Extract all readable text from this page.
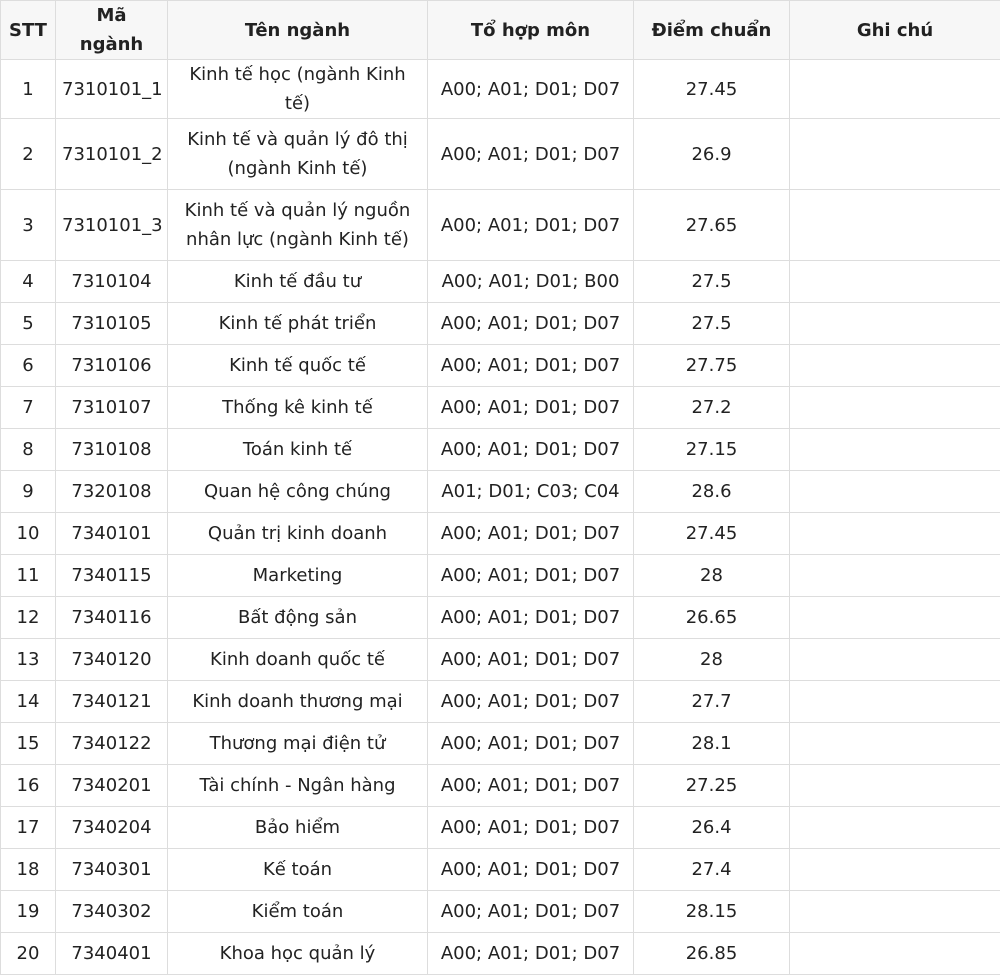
STT	Mã ngành	Tên ngành	Tổ hợp môn	Điểm chuẩn	Ghi chú
1	7310101_1	Kinh tế học (ngành Kinh tế)	A00; A01; D01; D07	27.45	
2	7310101_2	Kinh tế và quản lý đô thị (ngành Kinh tế)	A00; A01; D01; D07	26.9	
3	7310101_3	Kinh tế và quản lý nguồn nhân lực (ngành Kinh tế)	A00; A01; D01; D07	27.65	
4	7310104	Kinh tế đầu tư	A00; A01; D01; B00	27.5	
5	7310105	Kinh tế phát triển	A00; A01; D01; D07	27.5	
6	7310106	Kinh tế quốc tế	A00; A01; D01; D07	27.75	
7	7310107	Thống kê kinh tế	A00; A01; D01; D07	27.2	
8	7310108	Toán kinh tế	A00; A01; D01; D07	27.15	
9	7320108	Quan hệ công chúng	A01; D01; C03; C04	28.6	
10	7340101	Quản trị kinh doanh	A00; A01; D01; D07	27.45	
11	7340115	Marketing	A00; A01; D01; D07	28	
12	7340116	Bất động sản	A00; A01; D01; D07	26.65	
13	7340120	Kinh doanh quốc tế	A00; A01; D01; D07	28	
14	7340121	Kinh doanh thương mại	A00; A01; D01; D07	27.7	
15	7340122	Thương mại điện tử	A00; A01; D01; D07	28.1	
16	7340201	Tài chính - Ngân hàng	A00; A01; D01; D07	27.25	
17	7340204	Bảo hiểm	A00; A01; D01; D07	26.4	
18	7340301	Kế toán	A00; A01; D01; D07	27.4	
19	7340302	Kiểm toán	A00; A01; D01; D07	28.15	
20	7340401	Khoa học quản lý	A00; A01; D01; D07	26.85	
